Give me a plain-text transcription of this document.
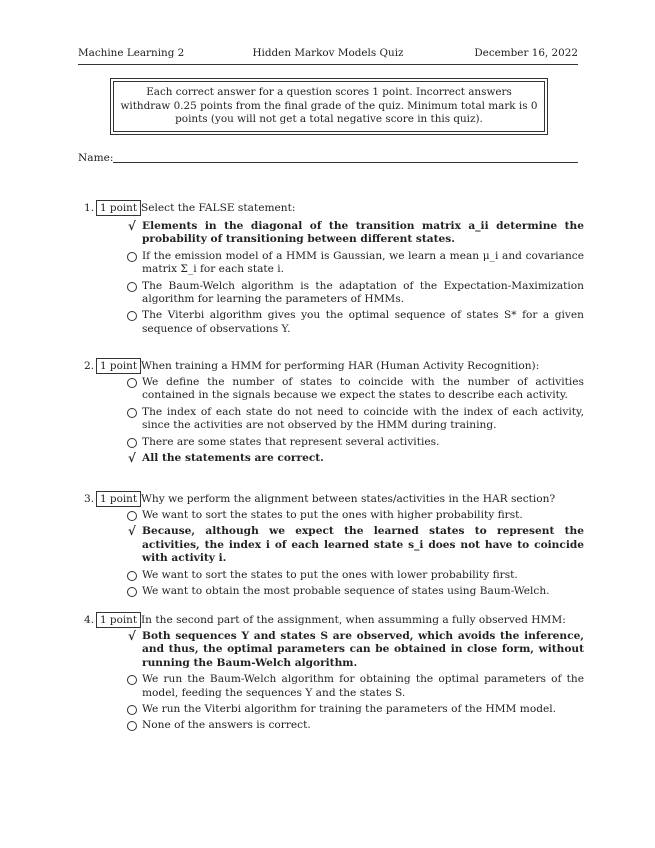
Machine Learning 2	Hidden Markov Models Quiz	December 16, 2022
Each correct answer for a question scores 1 point. Incorrect answers withdraw 0.25 points from the final grade of the quiz. Minimum total mark is 0 points (you will not get a total negative score in this quiz).
Name:
1. 1 point Select the FALSE statement:
√ Elements in the diagonal of the transition matrix a_ii determine the probability of transitioning between different states.
If the emission model of a HMM is Gaussian, we learn a mean μ_i and covariance matrix Σ_i for each state i.
The Baum-Welch algorithm is the adaptation of the Expectation-Maximization algorithm for learning the parameters of HMMs.
The Viterbi algorithm gives you the optimal sequence of states S* for a given sequence of observations Y.
2. 1 point When training a HMM for performing HAR (Human Activity Recognition):
We define the number of states to coincide with the number of activities contained in the signals because we expect the states to describe each activity.
The index of each state do not need to coincide with the index of each activity, since the activities are not observed by the HMM during training.
There are some states that represent several activities.
√ All the statements are correct.
3. 1 point Why we perform the alignment between states/activities in the HAR section?
We want to sort the states to put the ones with higher probability first.
√ Because, although we expect the learned states to represent the activities, the index i of each learned state s_i does not have to coincide with activity i.
We want to sort the states to put the ones with lower probability first.
We want to obtain the most probable sequence of states using Baum-Welch.
4. 1 point In the second part of the assignment, when assumming a fully observed HMM:
√ Both sequences Y and states S are observed, which avoids the inference, and thus, the optimal parameters can be obtained in close form, without running the Baum-Welch algorithm.
We run the Baum-Welch algorithm for obtaining the optimal parameters of the model, feeding the sequences Y and the states S.
We run the Viterbi algorithm for training the parameters of the HMM model.
None of the answers is correct.
